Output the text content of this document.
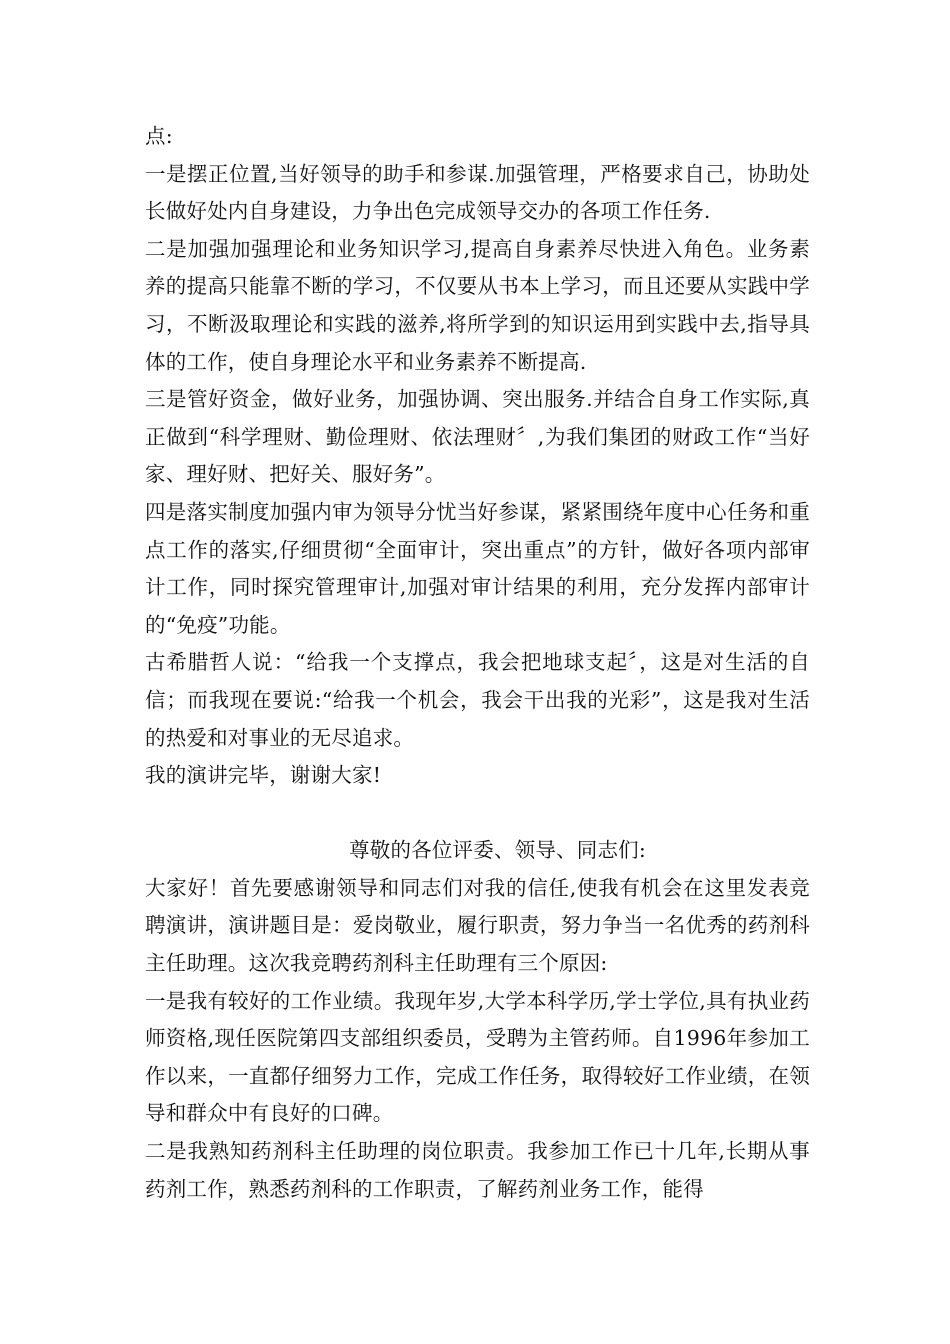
点:

一是摆正位置,当好领导的助手和参谋.加强管理，严格要求自己，协助处长做好处内自身建设，力争出色完成领导交办的各项工作任务.

二是加强加强理论和业务知识学习,提高自身素养尽快进入角色。业务素养的提高只能靠不断的学习，不仅要从书本上学习，而且还要从实践中学习，不断汲取理论和实践的滋养,将所学到的知识运用到实践中去,指导具体的工作，使自身理论水平和业务素养不断提高.

三是管好资金，做好业务，加强协调、突出服务.并结合自身工作实际,真正做到“科学理财、勤俭理财、依法理财〞,为我们集团的财政工作“当好家、理好财、把好关、服好务”。

四是落实制度加强内审为领导分忧当好参谋，紧紧围绕年度中心任务和重点工作的落实,仔细贯彻“全面审计，突出重点”的方针，做好各项内部审计工作，同时探究管理审计,加强对审计结果的利用，充分发挥内部审计的“免疫”功能。

古希腊哲人说：“给我一个支撑点，我会把地球支起〞，这是对生活的自信；而我现在要说:“给我一个机会，我会干出我的光彩”，这是我对生活的热爱和对事业的无尽追求。

我的演讲完毕，谢谢大家!

尊敬的各位评委、领导、同志们:

大家好！首先要感谢领导和同志们对我的信任,使我有机会在这里发表竞聘演讲，演讲题目是：爱岗敬业，履行职责，努力争当一名优秀的药剂科主任助理。这次我竞聘药剂科主任助理有三个原因:

一是我有较好的工作业绩。我现年岁,大学本科学历,学士学位,具有执业药师资格,现任医院第四支部组织委员，受聘为主管药师。自1996年参加工作以来，一直都仔细努力工作，完成工作任务，取得较好工作业绩，在领导和群众中有良好的口碑。

二是我熟知药剂科主任助理的岗位职责。我参加工作已十几年,长期从事药剂工作，熟悉药剂科的工作职责，了解药剂业务工作，能得
